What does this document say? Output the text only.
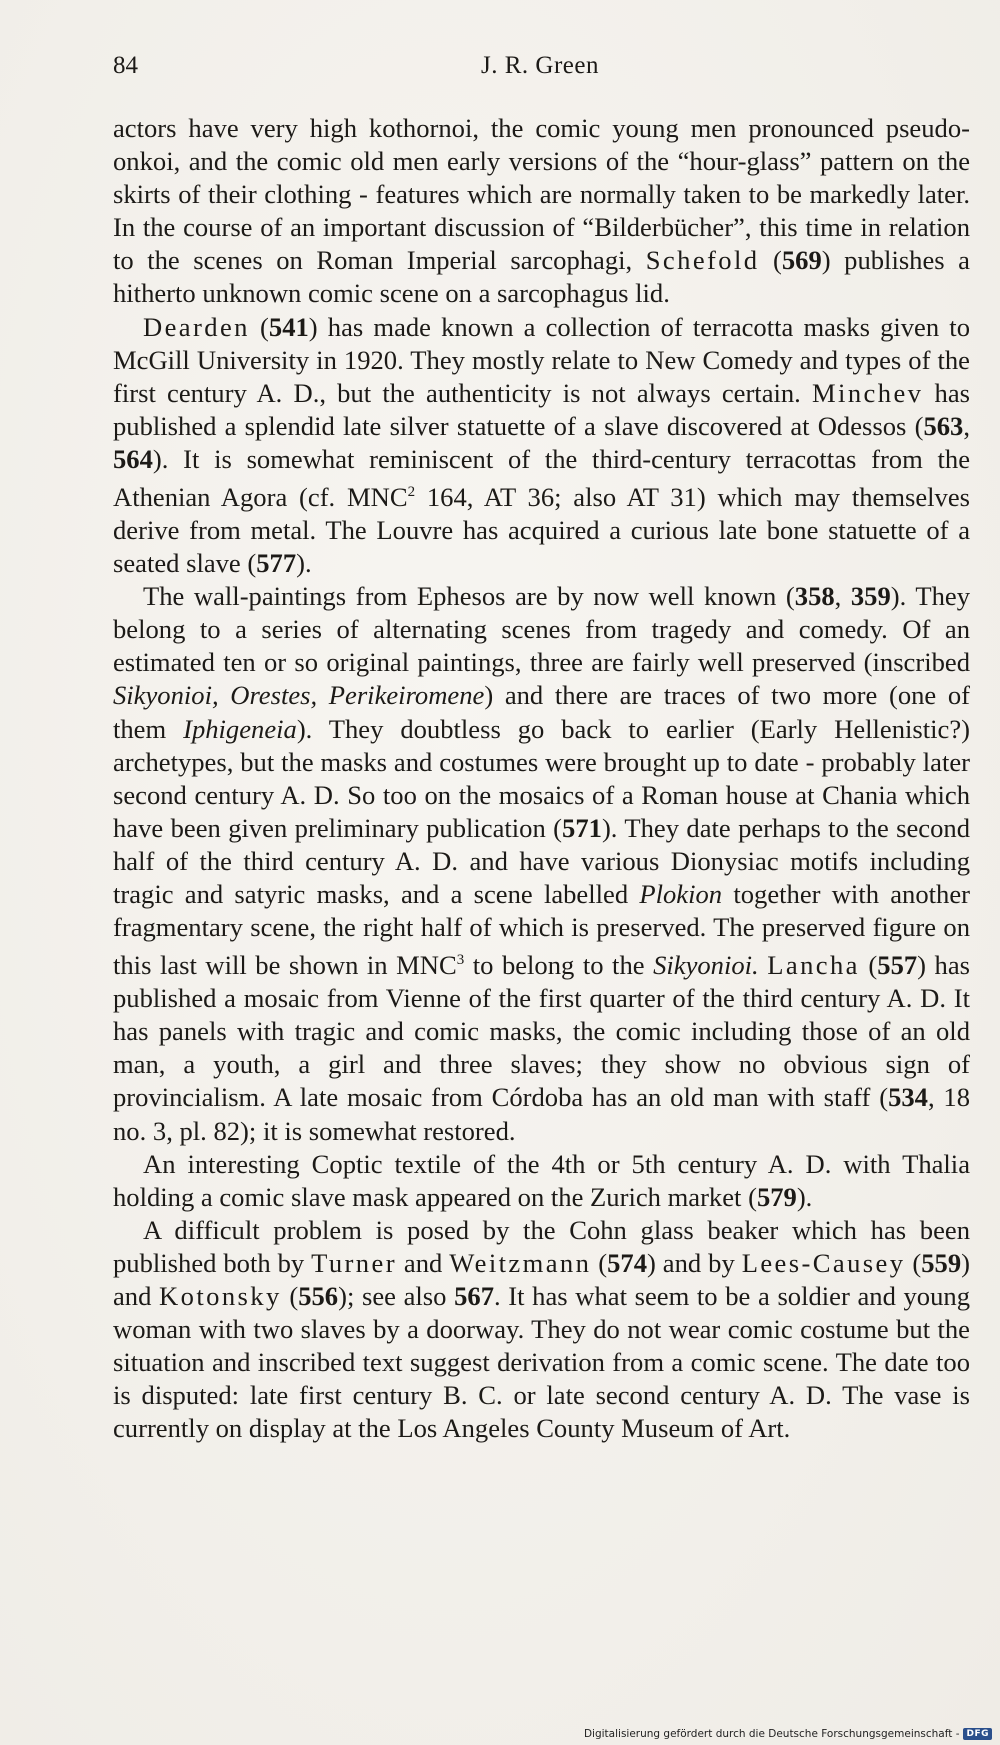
84	J. R. Green

actors have very high kothornoi, the comic young men pronounced pseudo-onkoi, and the comic old men early versions of the “hour-glass” pattern on the skirts of their clothing - features which are normally taken to be markedly later. In the course of an important discussion of “Bilderbücher”, this time in relation to the scenes on Roman Imperial sarcophagi, Schefold (569) publishes a hitherto unknown comic scene on a sarcophagus lid.

Dearden (541) has made known a collection of terracotta masks given to McGill University in 1920. They mostly relate to New Comedy and types of the first century A. D., but the authenticity is not always certain. Minchev has published a splendid late silver statuette of a slave discovered at Odessos (563, 564). It is somewhat reminiscent of the third-century terracottas from the Athenian Agora (cf. MNC$^2$ 164, AT 36; also AT 31) which may themselves derive from metal. The Louvre has acquired a curious late bone statuette of a seated slave (577).

The wall-paintings from Ephesos are by now well known (358, 359). They belong to a series of alternating scenes from tragedy and comedy. Of an estimated ten or so original paintings, three are fairly well preserved (inscribed Sikyonioi, Orestes, Perikeiromene) and there are traces of two more (one of them Iphigeneia). They doubtless go back to earlier (Early Hellenistic?) archetypes, but the masks and costumes were brought up to date - probably later second century A. D. So too on the mosaics of a Roman house at Chania which have been given preliminary publication (571). They date perhaps to the second half of the third century A. D. and have various Dionysiac motifs including tragic and satyric masks, and a scene labelled Plokion together with another fragmentary scene, the right half of which is preserved. The preserved figure on this last will be shown in MNC$^3$ to belong to the Sikyonioi. Lancha (557) has published a mosaic from Vienne of the first quarter of the third century A. D. It has panels with tragic and comic masks, the comic including those of an old man, a youth, a girl and three slaves; they show no obvious sign of provincialism. A late mosaic from Córdoba has an old man with staff (534, 18 no. 3, pl. 82); it is somewhat restored.

An interesting Coptic textile of the 4th or 5th century A. D. with Thalia holding a comic slave mask appeared on the Zurich market (579).

A difficult problem is posed by the Cohn glass beaker which has been published both by Turner and Weitzmann (574) and by Lees-Causey (559) and Kotonsky (556); see also 567. It has what seem to be a soldier and young woman with two slaves by a doorway. They do not wear comic costume but the situation and inscribed text suggest derivation from a comic scene. The date too is disputed: late first century B. C. or late second century A. D. The vase is currently on display at the Los Angeles County Museum of Art.

Digitalisierung gefördert durch die Deutsche Forschungsgemeinschaft - DFG
